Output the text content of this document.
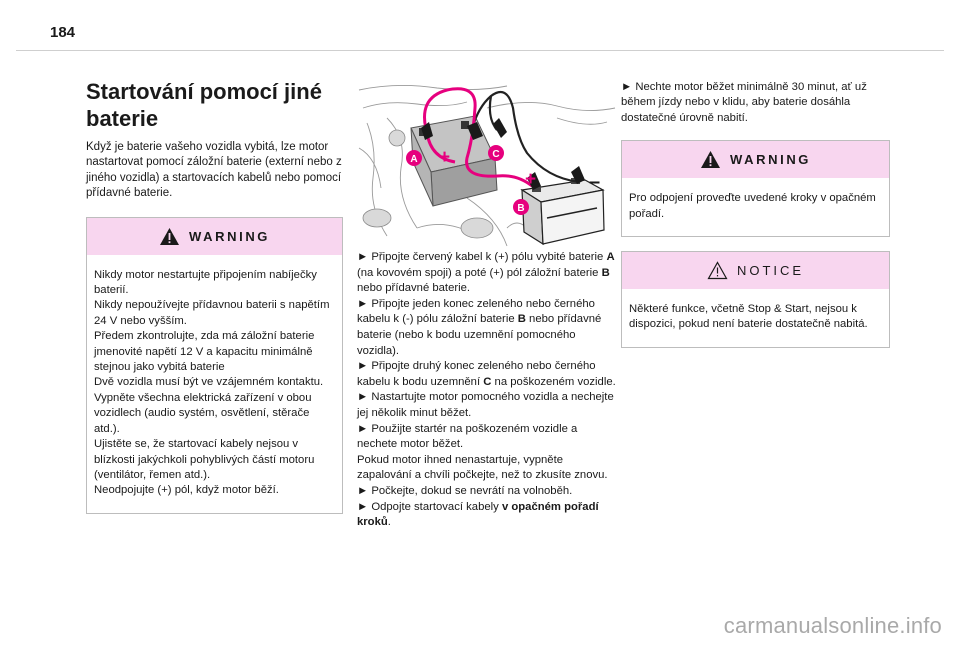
184
Startování pomocí jiné
baterie

Když je baterie vašeho vozidla vybitá, lze motor nastartovat pomocí záložní baterie (externí nebo z jiného vozidla) a startovacích kabelů nebo pomocí přídavné baterie.

WARNING
Nikdy motor nestartujte připojením nabíječky baterií.
Nikdy nepoužívejte přídavnou baterii s napětím 24 V nebo vyšším.
Předem zkontrolujte, zda má záložní baterie jmenovité napětí 12 V a kapacitu minimálně stejnou jako vybitá baterie
Dvě vozidla musí být ve vzájemném kontaktu.
Vypněte všechna elektrická zařízení v obou vozidlech (audio systém, osvětlení, stěrače atd.).
Ujistěte se, že startovací kabely nejsou v blízkosti jakýchkoli pohyblivých částí motoru (ventilátor, řemen atd.).
Neodpojujte (+) pól, když motor běží.
+
+	–
A	C
B
► Připojte červený kabel k (+) pólu vybité baterie A (na kovovém spoji) a poté (+) pól záložní baterie B nebo přídavné baterie.
► Připojte jeden konec zeleného nebo černého kabelu k (-) pólu záložní baterie B nebo přídavné baterie (nebo k bodu uzemnění pomocného vozidla).
► Připojte druhý konec zeleného nebo černého kabelu k bodu uzemnění C na poškozeném vozidle.
► Nastartujte motor pomocného vozidla a nechejte jej několik minut běžet.
► Použijte startér na poškozeném vozidle a nechete motor běžet.
Pokud motor ihned nenastartuje, vypněte zapalování a chvíli počkejte, než to zkusíte znovu.
► Počkejte, dokud se nevrátí na volnoběh.
► Odpojte startovací kabely v opačném pořadí kroků.
► Nechte motor běžet minimálně 30 minut, ať už během jízdy nebo v klidu, aby baterie dosáhla dostatečné úrovně nabití.
WARNING
Pro odpojení proveďte uvedené kroky v opačném pořadí.
NOTICE
Některé funkce, včetně Stop & Start, nejsou k dispozici, pokud není baterie dostatečně nabitá.
carmanualsonline.info
